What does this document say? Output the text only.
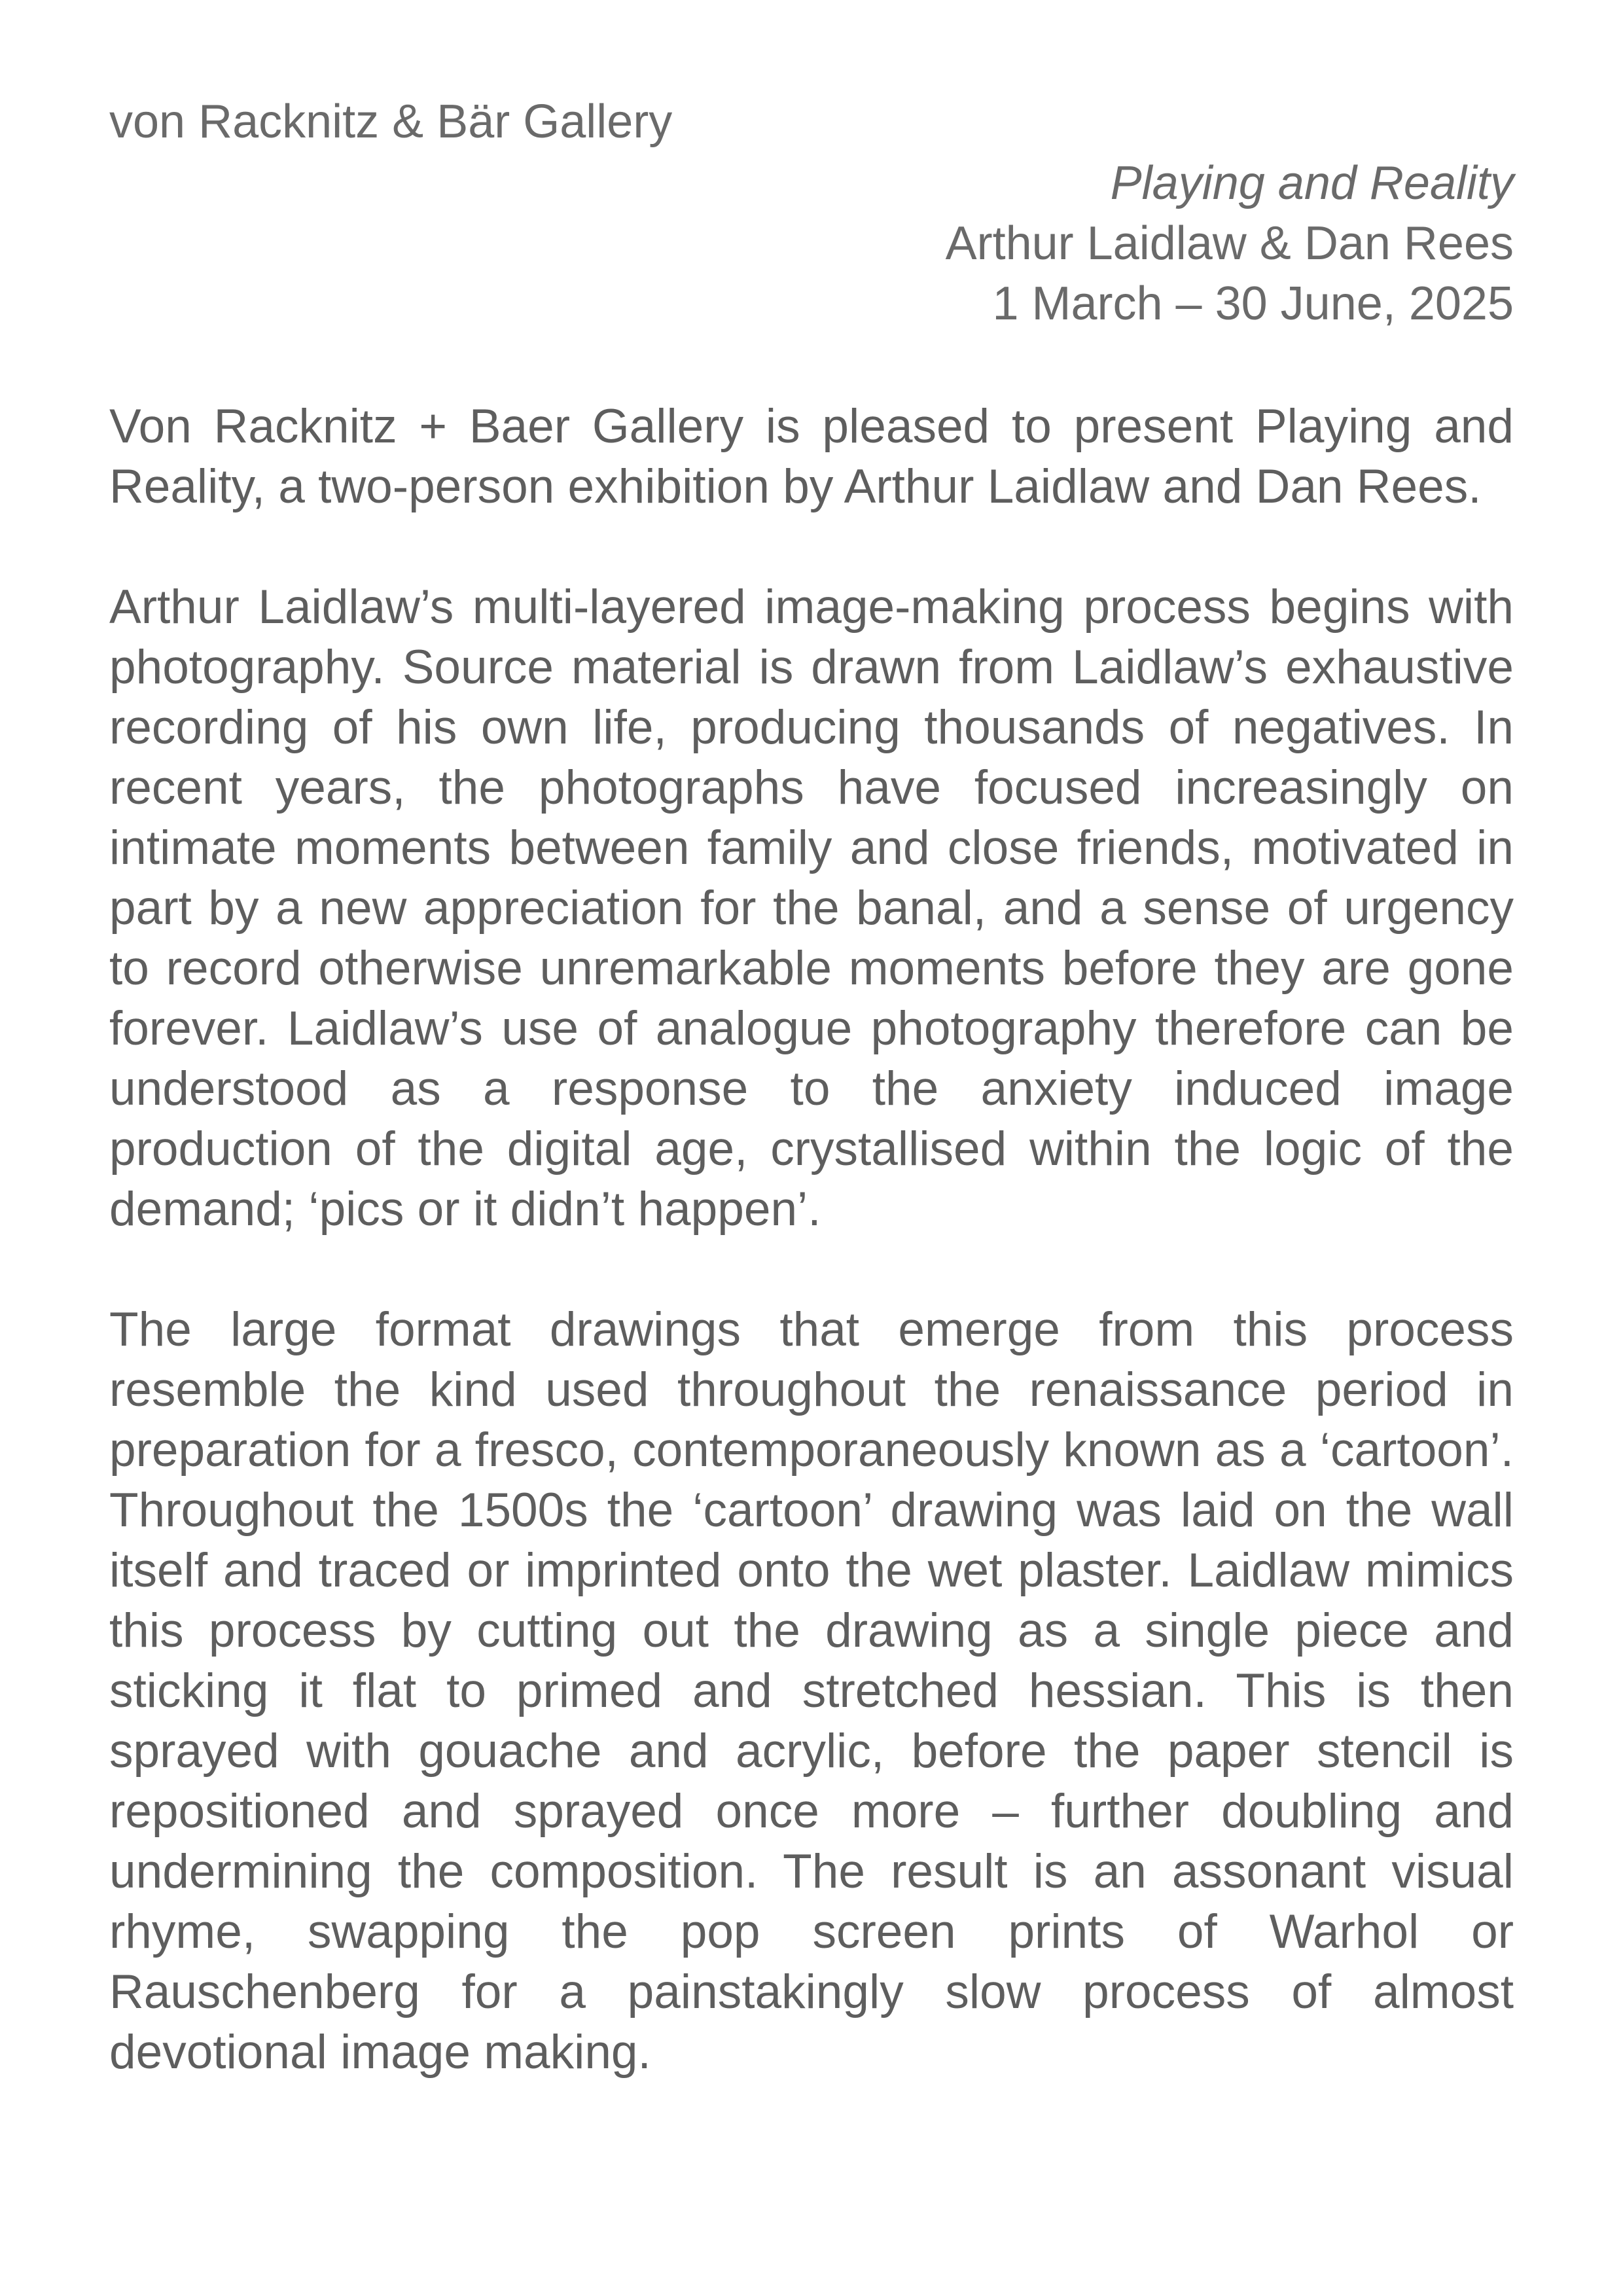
von Racknitz & Bär Gallery
Playing and Reality
Arthur Laidlaw & Dan Rees
1 March – 30 June, 2025

Von Racknitz + Baer Gallery is pleased to present Playing and Reality, a two-person exhibition by Arthur Laidlaw and Dan Rees.

Arthur Laidlaw’s multi-layered image-making process begins with photography. Source material is drawn from Laidlaw’s exhaustive recording of his own life, producing thousands of negatives. In recent years, the photographs have focused increasingly on intimate moments between family and close friends, motivated in part by a new appreciation for the banal, and a sense of urgency to record otherwise unremarkable moments before they are gone forever. Laidlaw’s use of analogue photography therefore can be understood as a response to the anxiety induced image production of the digital age, crystallised within the logic of the demand; ‘pics or it didn’t happen’.

The large format drawings that emerge from this process resemble the kind used throughout the renaissance period in preparation for a fresco, contemporaneously known as a ‘cartoon’. Throughout the 1500s the ‘cartoon’ drawing was laid on the wall itself and traced or imprinted onto the wet plaster. Laidlaw mimics this process by cutting out the drawing as a single piece and sticking it flat to primed and stretched hessian. This is then sprayed with gouache and acrylic, before the paper stencil is repositioned and sprayed once more – further doubling and undermining the composition. The result is an assonant visual rhyme, swapping the pop screen prints of Warhol or Rauschenberg for a painstakingly slow process of almost devotional image making.
